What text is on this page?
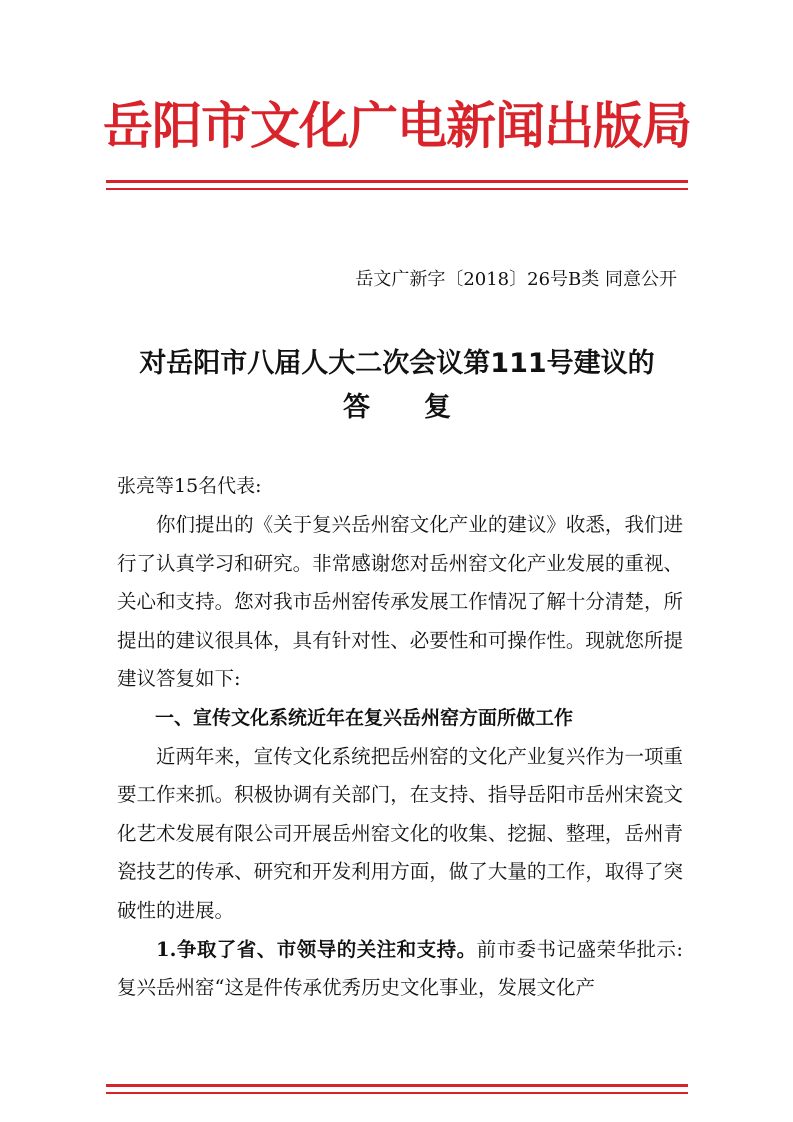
岳阳市文化广电新闻出版局
岳文广新字〔2018〕26号B类 同意公开
对岳阳市八届人大二次会议第111号建议的
答复
张亮等15名代表:

你们提出的《关于复兴岳州窑文化产业的建议》收悉，我们进行了认真学习和研究。非常感谢您对岳州窑文化产业发展的重视、关心和支持。您对我市岳州窑传承发展工作情况了解十分清楚，所提出的建议很具体，具有针对性、必要性和可操作性。现就您所提建议答复如下:

一、宣传文化系统近年在复兴岳州窑方面所做工作

近两年来，宣传文化系统把岳州窑的文化产业复兴作为一项重要工作来抓。积极协调有关部门，在支持、指导岳阳市岳州宋瓷文化艺术发展有限公司开展岳州窑文化的收集、挖掘、整理，岳州青瓷技艺的传承、研究和开发利用方面，做了大量的工作，取得了突破性的进展。

1.争取了省、市领导的关注和支持。前市委书记盛荣华批示:复兴岳州窑“这是件传承优秀历史文化事业，发展文化产
